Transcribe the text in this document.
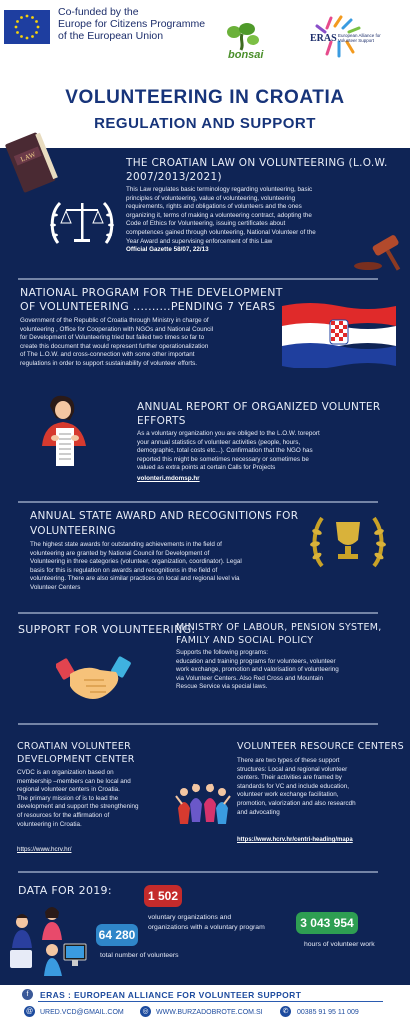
Co-funded by the
Europe for Citizens Programme
of the European Union
bonsai
ERAS European Alliance for Volunteer Support
VOLUNTEERING IN CROATIA
REGULATION AND SUPPORT
LAW	THE CROATIAN LAW ON VOLUNTEERING (L.O.W.
2007/2013/2021)
This Law regulates basic terminology regarding volunteering, basic
principles of volunteering, value of volunteering, volunteering
requirements, rights and obligations of volunteers and the ones
organizing it, terms of making a volunteering contract, adopting the
Code of Ethics for Volunteering, issuing certificates about
competences gained through volunteering, National Volunteer of the
Year Award and supervising enforcement of this Law
Official Gazette 58/07, 22/13
NATIONAL PROGRAM FOR THE DEVELOPMENT
OF VOLUNTEERING ..........PENDING 7 YEARS
Government of the Republic of Croatia through Ministry in charge of
volunteering , Office for Cooperation with NGOs and National Council
for Development of Volunteering tried but failed two times so far to
create this document that would represent further operationalization
of The L.O.W. and cross-connection with some other important
regulations in order to support sustainability of volunteer efforts.
ANNUAL REPORT OF ORGANIZED VOLUNTER
EFFORTS
As a voluntary organization you are obliged to the L.O.W. toreport
your annual statistics of volunteer activities (people, hours,
demographic, total costs etc...). Confirmation that the NGO has
reported this might be sometimes necessary or sometimes be
valued as extra points at certain Calls for Projects
volonteri.mdomsp.hr
ANNUAL STATE AWARD AND RECOGNITIONS FOR
VOLUNTEERING
The highest state awards for outstanding achievements in the field of
volunteering are granted by National Council for Development of
Volunteering in three categories (volunteer, organization, coordinator). Legal
basis for this is regulation on awards and recognitions in the field of
volunteering. There are also similar practices on local and regional level via
Volunteer Centers
SUPPORT FOR VOLUNTEERING:
MINISTRY OF LABOUR, PENSION SYSTEM,
FAMILY AND SOCIAL POLICY
Supports the following programs:
education and training programs for volunteers, volunteer
work exchange, promotion and valorisation of volunteering
via Volunteer Centers. Also Red Cross and Mountain
Rescue Service via special laws.
CROATIAN VOLUNTEER
DEVELOPMENT CENTER
CVDC is an organization based on
membership –members can be local and
regional volunteer centers in Croatia.
The primary mission of is to lead the
development and support the strengthening
of resources for the affirmation of
volunteering in Croatia.
https://www.hcrv.hr/
VOLUNTEER RESOURCE CENTERS
There are two types of these support
structures: Local and regional volunteer
centers. Their activities are framed by
standards for VC and include education,
volunteer work exchange facilitation,
promotion, valorization and also researcdh
and advocating
https://www.hcrv.hr/centri-heading/mapa
DATA FOR 2019:	1 502
voluntary organizations and
organizations with a voluntary program
64 280
total number of volunteers
3 043 954
hours of volunteer work
f	ERAS : EUROPEAN ALLIANCE FOR VOLUNTEER SUPPORT
@ URED.VCD@GMAIL.COM	◎	WWW.BURZADOBROTE.COM.SI	✆	00385 91 95 11 009
